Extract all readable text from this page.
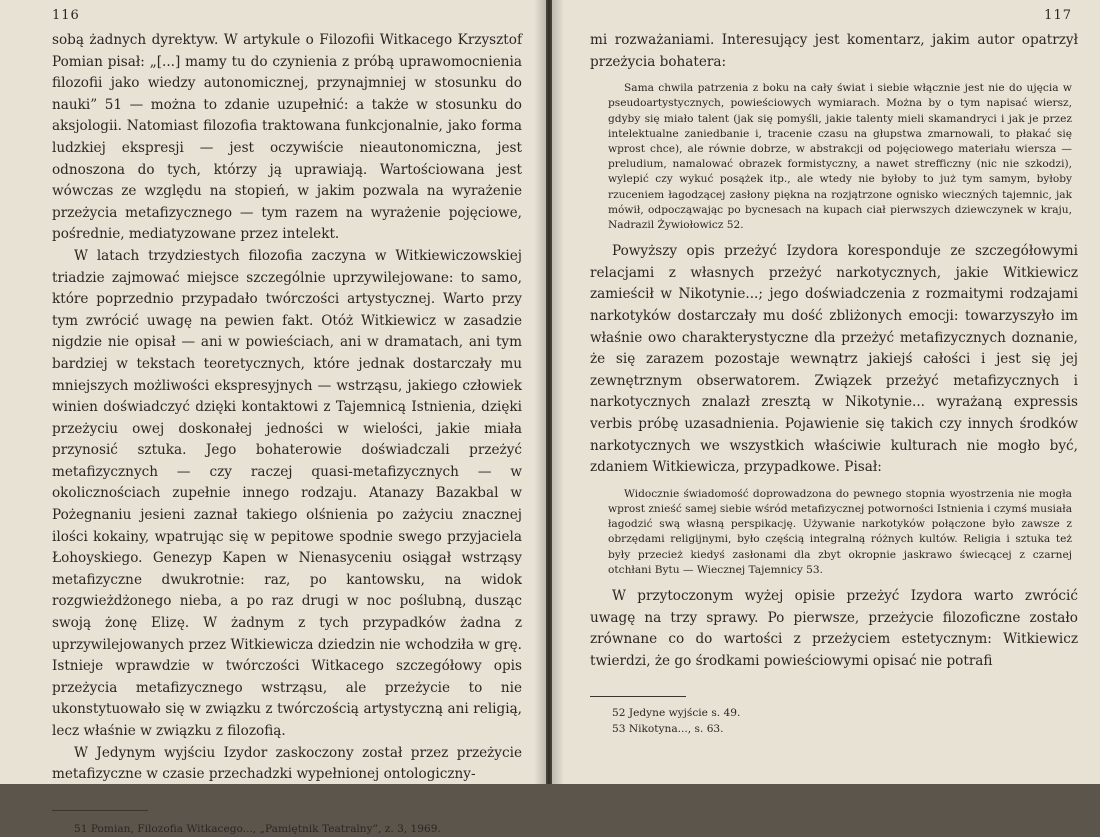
116

sobą żadnych dyrektyw. W artykule o Filozofii Witkacego Krzysztof Pomian pisał: „[...] mamy tu do czynienia z próbą uprawomocnienia filozofii jako wiedzy autonomicznej, przynajmniej w stosunku do nauki” 51 — można to zdanie uzupełnić: a także w stosunku do aksjologii. Natomiast filozofia traktowana funkcjonalnie, jako forma ludzkiej ekspresji — jest oczywiście nieautonomiczna, jest odnoszona do tych, którzy ją uprawiają. Wartościowana jest wówczas ze względu na stopień, w jakim pozwala na wyrażenie przeżycia metafizycznego — tym razem na wyrażenie pojęciowe, pośrednie, mediatyzowane przez intelekt.

W latach trzydziestych filozofia zaczyna w Witkiewiczowskiej triadzie zajmować miejsce szczególnie uprzywilejowane: to samo, które poprzednio przypadało twórczości artystycznej. Warto przy tym zwrócić uwagę na pewien fakt. Otóż Witkiewicz w zasadzie nigdzie nie opisał — ani w powieściach, ani w dramatach, ani tym bardziej w tekstach teoretycznych, które jednak dostarczały mu mniejszych możliwości ekspresyjnych — wstrząsu, jakiego człowiek winien doświadczyć dzięki kontaktowi z Tajemnicą Istnienia, dzięki przeżyciu owej doskonałej jedności w wielości, jakie miała przynosić sztuka. Jego bohaterowie doświadczali przeżyć metafizycznych — czy raczej quasi-metafizycznych — w okolicznościach zupełnie innego rodzaju. Atanazy Bazakbal w Pożegnaniu jesieni zaznał takiego olśnienia po zażyciu znacznej ilości kokainy, wpatrując się w pepitowe spodnie swego przyjaciela Łohoyskiego. Genezyp Kapen w Nienasyceniu osiągał wstrząsy metafizyczne dwukrotnie: raz, po kantowsku, na widok rozgwieżdżonego nieba, a po raz drugi w noc poślubną, dusząc swoją żonę Elizę. W żadnym z tych przypadków żadna z uprzywilejowanych przez Witkiewicza dziedzin nie wchodziła w grę. Istnieje wprawdzie w twórczości Witkacego szczegółowy opis przeżycia metafizycznego wstrząsu, ale przeżycie to nie ukonstytuowało się w związku z twórczością artystyczną ani religią, lecz właśnie w związku z filozofią.

W Jedynym wyjściu Izydor zaskoczony został przez przeżycie metafizyczne w czasie przechadzki wypełnionej ontologiczny-

51 Pomian, Filozofia Witkacego..., „Pamiętnik Teatralny”, z. 3, 1969.

117

mi rozważaniami. Interesujący jest komentarz, jakim autor opatrzył przeżycia bohatera:

Sama chwila patrzenia z boku na cały świat i siebie włącznie jest nie do ujęcia w pseudoartystycznych, powieściowych wymiarach. Można by o tym napisać wiersz, gdyby się miało talent (jak się pomyśli, jakie talenty mieli skamandryci i jak je przez intelektualne zaniedbanie i, tracenie czasu na głupstwa zmarnowali, to płakać się wprost chce), ale równie dobrze, w abstrakcji od pojęciowego materiału wiersza — preludium, namalować obrazek formistyczny, a nawet strefficzny (nic nie szkodzi), wylepić czy wykuć posążek itp., ale wtedy nie byłoby to już tym samym, byłoby rzuceniem łagodzącej zasłony piękna na rozjątrzone ognisko wieczných tajemnic, jak mówił, odpocząwając po bycnesach na kupach ciał pierwszych dziewczynek w kraju, Nadrazil Żywiołowicz 52.

Powyższy opis przeżyć Izydora koresponduje ze szczegółowymi relacjami z własnych przeżyć narkotycznych, jakie Witkiewicz zamieścił w Nikotynie...; jego doświadczenia z rozmaitymi rodzajami narkotyków dostarczały mu dość zbliżonych emocji: towarzyszyło im właśnie owo charakterystyczne dla przeżyć metafizycznych doznanie, że się zarazem pozostaje wewnątrz jakiejś całości i jest się jej zewnętrznym obserwatorem. Związek przeżyć metafizycznych i narkotycznych znalazł zresztą w Nikotynie... wyrażaną expressis verbis próbę uzasadnienia. Pojawienie się takich czy innych środków narkotycznych we wszystkich właściwie kulturach nie mogło być, zdaniem Witkiewicza, przypadkowe. Pisał:

Widocznie świadomość doprowadzona do pewnego stopnia wyostrzenia nie mogła wprost znieść samej siebie wśród metafizycznej potworności Istnienia i czymś musiała łagodzić swą własną perspikację. Używanie narkotyków połączone było zawsze z obrzędami religijnymi, było częścią integralną różnych kultów. Religia i sztuka też były przecież kiedyś zasłonami dla zbyt okropnie jaskrawo świecącej z czarnej otchłani Bytu — Wiecznej Tajemnicy 53.

W przytoczonym wyżej opisie przeżyć Izydora warto zwrócić uwagę na trzy sprawy. Po pierwsze, przeżycie filozoficzne zostało zrównane co do wartości z przeżyciem estetycznym: Witkiewicz twierdzi, że go środkami powieściowymi opisać nie potrafi

52 Jedyne wyjście s. 49.

53 Nikotyna..., s. 63.
